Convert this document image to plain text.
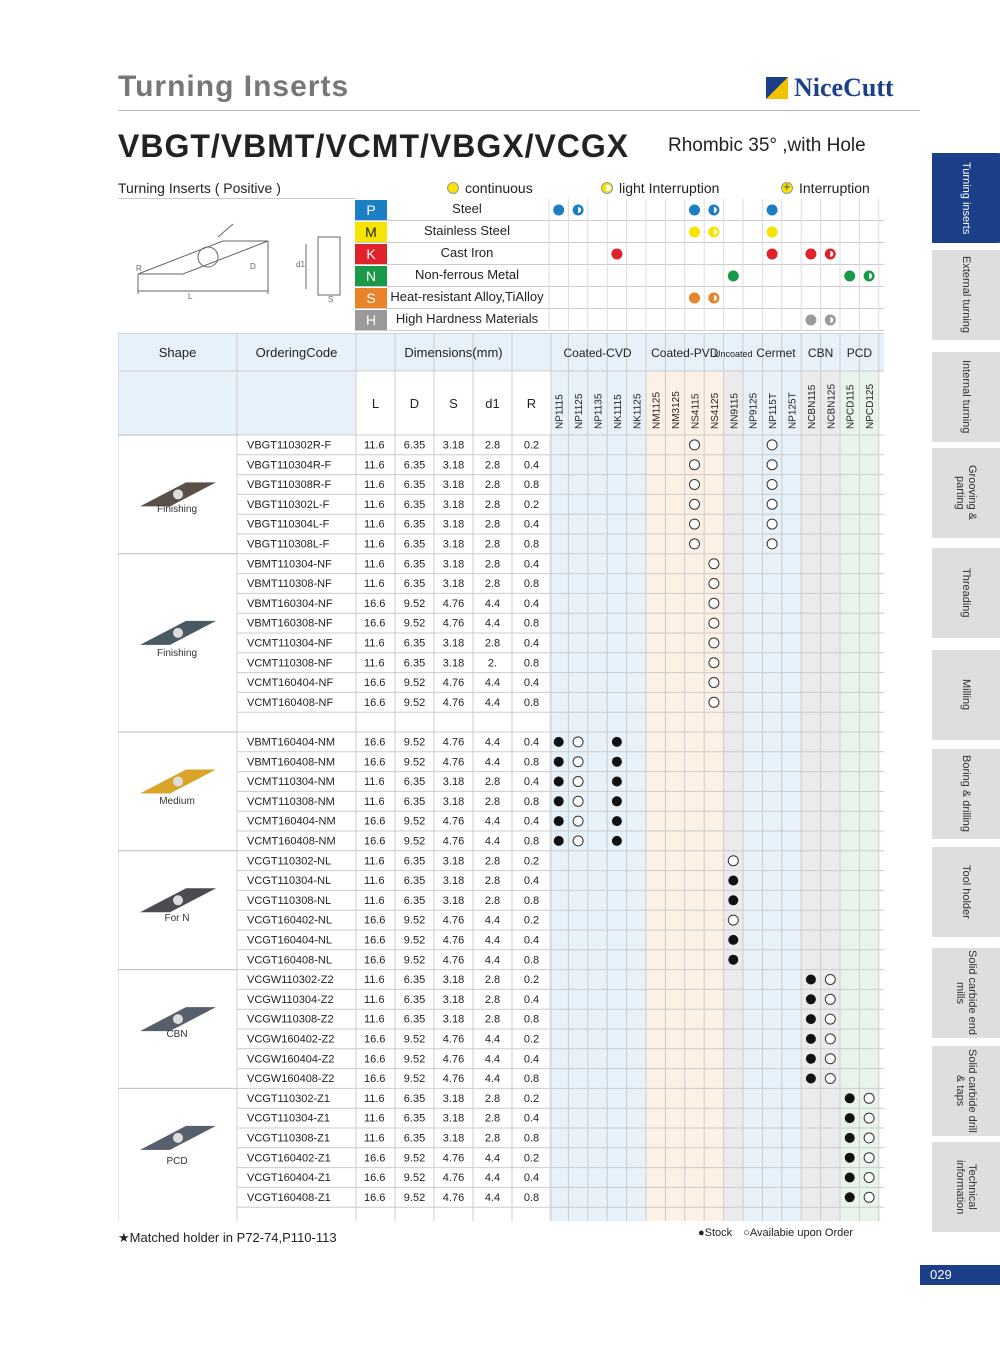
Turning Inserts	NiceCutt
VBGT/VBMT/VCMT/VBGX/VCGX Rhombic 35° ,with Hole
Turning Inserts ( Positive )	continuous	light Interruption
+	Interruption
L
R	D	d1
S
P	Steel
M	Stainless Steel
K	Cast Iron
N	Non-ferrous Metal
S	Heat-resistant Alloy,TiAlloy
H	High Hardness Materials
Shape	OrderingCode	Dimensions(mm)	Coated-CVD Coated-PVD
Uncoated Cermet CBN PCD
L D S d1 R NP1115 NP1125 NP1135 NK1115 NK1125 NM1125 NM3125 NS4115 NS4125 NN9115 NP9125 NP115T NP125T NCBN115 NCBN125 NPCD115 NPCD125
VBGT110302R-F	11.6 6.35 3.18 2.8 0.2
VBGT110304R-F	11.6 6.35 3.18 2.8 0.4
VBGT110308R-F	11.6 6.35 3.18 2.8 0.8
VBGT110302L-F	11.6 6.35 3.18 2.8 0.2
VBGT110304L-F	11.6 6.35 3.18 2.8 0.4
VBGT110308L-F	11.6 6.35 3.18 2.8 0.8
VBMT110304-NF	11.6 6.35 3.18 2.8 0.4
VBMT110308-NF	11.6 6.35 3.18 2.8 0.8
VBMT160304-NF	16.6 9.52 4.76 4.4 0.4
VBMT160308-NF	16.6 9.52 4.76 4.4 0.8
VCMT110304-NF	11.6 6.35 3.18 2.8 0.4
VCMT110308-NF	11.6 6.35 3.18 2. 0.8
VCMT160404-NF	16.6 9.52 4.76 4.4 0.4
VCMT160408-NF	16.6 9.52 4.76 4.4 0.8
VBMT160404-NM	16.6 9.52 4.76 4.4 0.4
VBMT160408-NM	16.6 9.52 4.76 4.4 0.8
VCMT110304-NM	11.6 6.35 3.18 2.8 0.4
VCMT110308-NM	11.6 6.35 3.18 2.8 0.8
VCMT160404-NM	16.6 9.52 4.76 4.4 0.4
VCMT160408-NM	16.6 9.52 4.76 4.4 0.8
VCGT110302-NL	11.6 6.35 3.18 2.8 0.2
VCGT110304-NL	11.6 6.35 3.18 2.8 0.4
VCGT110308-NL	11.6 6.35 3.18 2.8 0.8
VCGT160402-NL	16.6 9.52 4.76 4.4 0.2
VCGT160404-NL	16.6 9.52 4.76 4.4 0.4
VCGT160408-NL	16.6 9.52 4.76 4.4 0.8
VCGW110302-Z2	11.6 6.35 3.18 2.8 0.2
VCGW110304-Z2	11.6 6.35 3.18 2.8 0.4
VCGW110308-Z2	11.6 6.35 3.18 2.8 0.8
VCGW160402-Z2	16.6 9.52 4.76 4.4 0.2
VCGW160404-Z2	16.6 9.52 4.76 4.4 0.4
VCGW160408-Z2	16.6 9.52 4.76 4.4 0.8
VCGT110302-Z1	11.6 6.35 3.18 2.8 0.2
VCGT110304-Z1	11.6 6.35 3.18 2.8 0.4
VCGT110308-Z1	11.6 6.35 3.18 2.8 0.8
VCGT160402-Z1	16.6 9.52 4.76 4.4 0.2
VCGT160404-Z1	16.6 9.52 4.76 4.4 0.4
VCGT160408-Z1	16.6 9.52 4.76 4.4 0.8
Finishing
Finishing
Medium
For N
CBN
PCD
★Matched holder in P72-74,P110-113	●Stock ○Availabie upon Order
Turning inserts
External turning
Internal turning
Grooving & parting
Threading
Milling
Boring & drilling
Tool holder
Solid carbide end mills
Solid carbide drill & taps
Technical information
029
